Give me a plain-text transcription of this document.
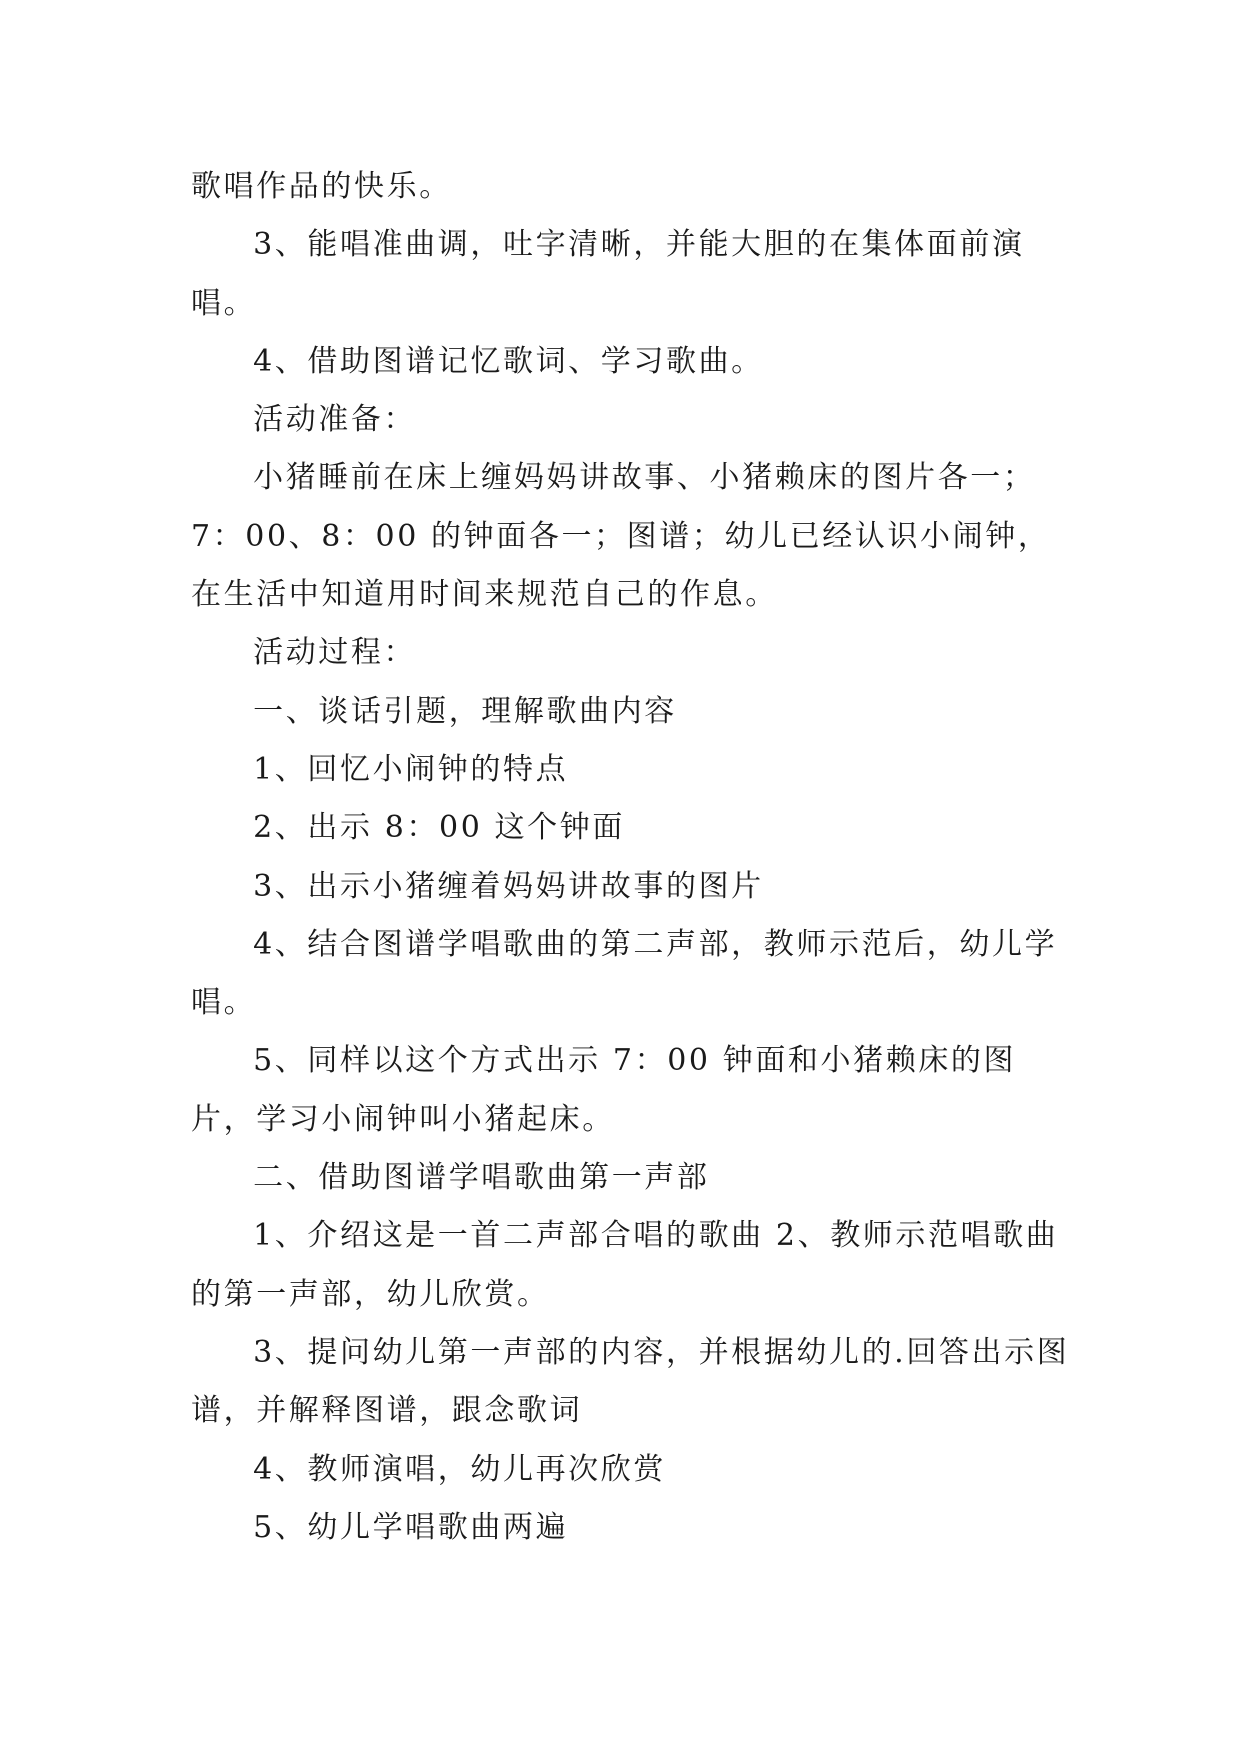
歌唱作品的快乐。

3、能唱准曲调，吐字清晰，并能大胆的在集体面前演唱。

4、借助图谱记忆歌词、学习歌曲。

活动准备：

小猪睡前在床上缠妈妈讲故事、小猪赖床的图片各一；7：00、8：00 的钟面各一；图谱；幼儿已经认识小闹钟，在生活中知道用时间来规范自己的作息。

活动过程：

一、谈话引题，理解歌曲内容

1、回忆小闹钟的特点

2、出示 8：00 这个钟面

3、出示小猪缠着妈妈讲故事的图片

4、结合图谱学唱歌曲的第二声部，教师示范后，幼儿学唱。

5、同样以这个方式出示 7：00 钟面和小猪赖床的图片，学习小闹钟叫小猪起床。

二、借助图谱学唱歌曲第一声部

1、介绍这是一首二声部合唱的歌曲 2、教师示范唱歌曲的第一声部，幼儿欣赏。

3、提问幼儿第一声部的内容，并根据幼儿的.回答出示图谱，并解释图谱，跟念歌词

4、教师演唱，幼儿再次欣赏

5、幼儿学唱歌曲两遍
